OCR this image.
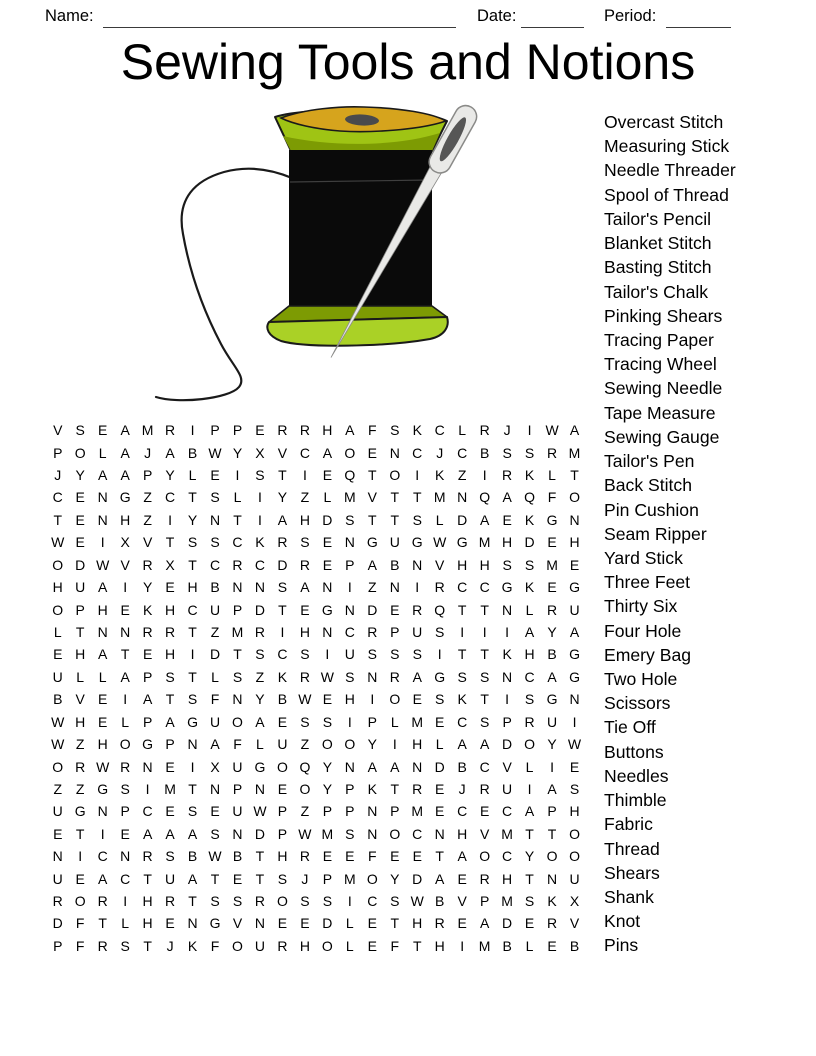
Name:	Date:	Period:
Sewing Tools and Notions
V S E A M R	I	P P E R R H A F S K C L R J	I W A
P O L A	J	A B W Y X V C A O E N C J C B S S R M
J	Y A A P Y L E	I	S T	I	E Q T O	I	K Z	I	R K L	T
C E N G Z C T S L	I	Y Z	L M V T T M N Q A Q F O
T E N H Z	I	Y N T	I	A H D S T T S L D A E K G N
W E	I	X V T S S C K R S E N G U G W G M H D E H
O D W V R X T C R C D R E P A B N V H H S S M E
H U A	I	Y E H B N N S A N	I	Z N	I	R C C G K E G
O P H E K H C U P D T E G N D E R Q T T N L R U
L	T N N R R T Z M R	I	H N C R P U S	I	I	I	A Y A
E H A T E H	I	D T S C S	I	U S S S	I	T T K H B G
U L	L A P S T	L S Z K R W S N R A G S S N C A G
B V E	I	A T S F N Y B W E H	I	O E S K T	I	S G N
W H E L P A G U O A E S S	I	P L M E C S P R U	I
W Z H O G P N A F	L U Z O O Y	I	H L A A D O Y W
O R W R N E	I	X U G O Q Y N A A N D B C V L	I	E
Z Z G S	I	M T N P N E O Y P K T R E	J R U	I	A S
U G N P C E S E U W P Z P P N P M E C E C A P H
E T	I	E A A A S N D P W M S N O C N H V M T T O
N	I	C N R S B W B T H R E E F E E T A O C Y O O
U E A C T U A T E T S	J	P M O Y D A E R H T N U
R O R	I	H R T S S R O S S	I	C S W B V P M S K X
D F T	L H E N G V N E E D L E T H R E A D E R V
P F R S T	J	K F O U R H O L E F T H	I	M B L E B
Overcast Stitch
Measuring Stick
Needle Threader
Spool of Thread
Tailor's Pencil
Blanket Stitch
Basting Stitch
Tailor's Chalk
Pinking Shears
Tracing Paper
Tracing Wheel
Sewing Needle
Tape Measure
Sewing Gauge
Tailor's Pen
Back Stitch
Pin Cushion
Seam Ripper
Yard Stick
Three Feet
Thirty Six
Four Hole
Emery Bag
Two Hole
Scissors
Tie Off
Buttons
Needles
Thimble
Fabric
Thread
Shears
Shank
Knot
Pins
